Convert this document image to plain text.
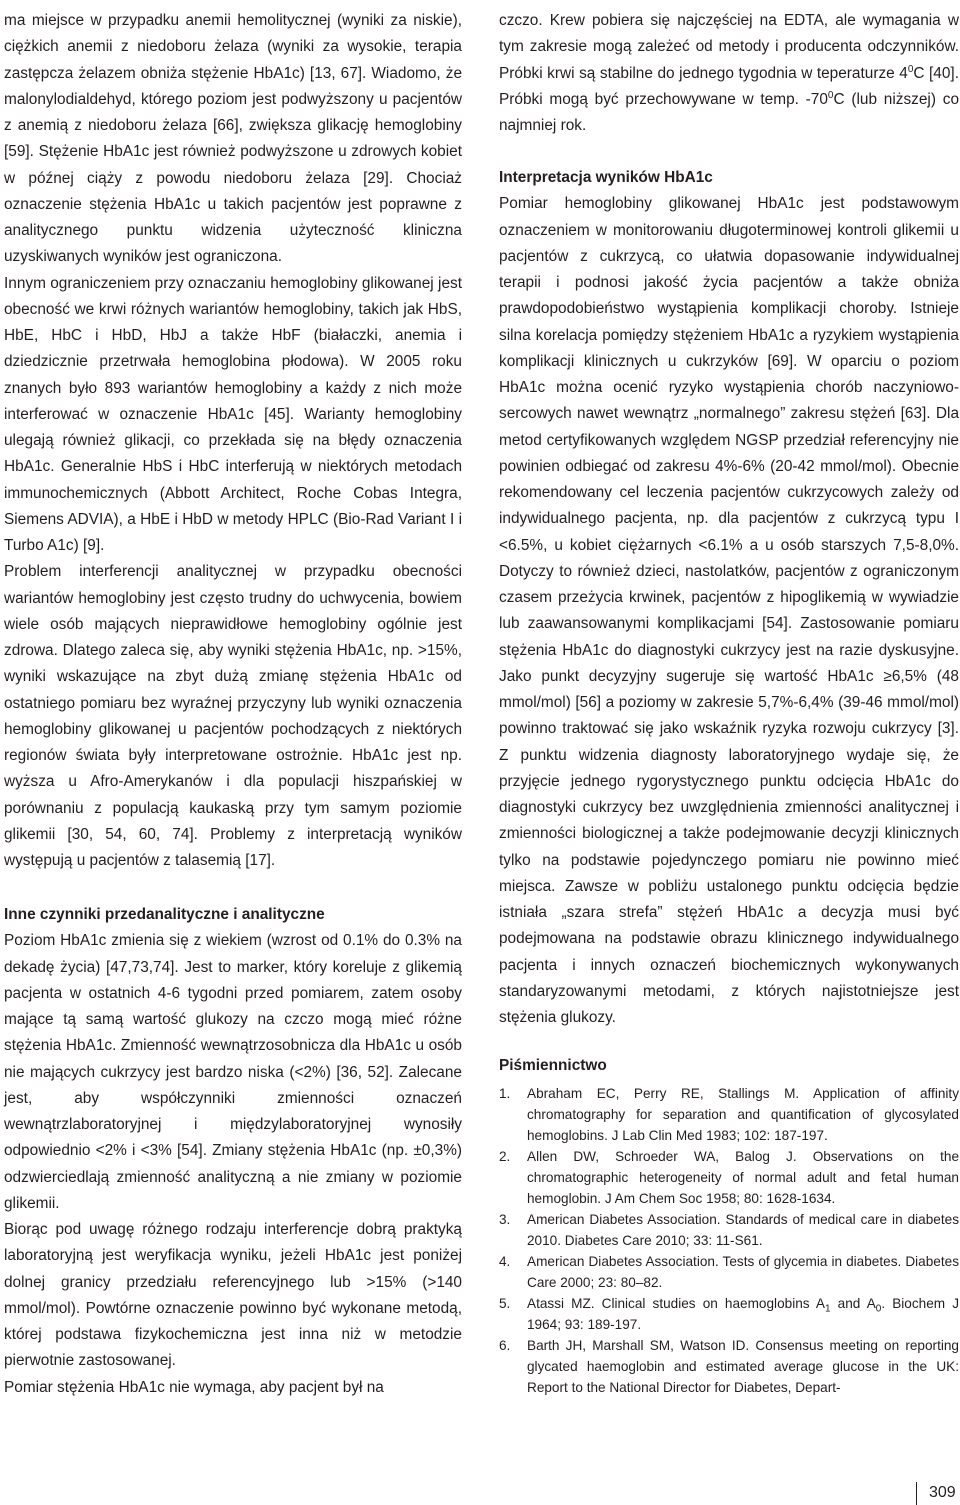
ma miejsce w przypadku anemii hemolitycznej (wyniki za niskie), ciężkich anemii z niedoboru żelaza (wyniki za wysokie, terapia zastępcza żelazem obniża stężenie HbA1c) [13, 67]. Wiadomo, że malonylodialdehyd, którego poziom jest podwyższony u pacjentów z anemią z niedoboru żelaza [66], zwiększa glikację hemoglobiny [59]. Stężenie HbA1c jest również podwyższone u zdrowych kobiet w późnej ciąży z powodu niedoboru żelaza [29]. Chociaż oznaczenie stężenia HbA1c u takich pacjentów jest poprawne z analitycznego punktu widzenia użyteczność kliniczna uzyskiwanych wyników jest ograniczona.

Innym ograniczeniem przy oznaczaniu hemoglobiny glikowanej jest obecność we krwi różnych wariantów hemoglobiny, takich jak HbS, HbE, HbC i HbD, HbJ a także HbF (białaczki, anemia i dziedzicznie przetrwała hemoglobina płodowa). W 2005 roku znanych było 893 wariantów hemoglobiny a każdy z nich może interferować w oznaczenie HbA1c [45]. Warianty hemoglobiny ulegają również glikacji, co przekłada się na błędy oznaczenia HbA1c. Generalnie HbS i HbC interferują w niektórych metodach immunochemicznych (Abbott Architect, Roche Cobas Integra, Siemens ADVIA), a HbE i HbD w metody HPLC (Bio-Rad Variant I i Turbo A1c) [9].

Problem interferencji analitycznej w przypadku obecności wariantów hemoglobiny jest często trudny do uchwycenia, bowiem wiele osób mających nieprawidłowe hemoglobiny ogólnie jest zdrowa. Dlatego zaleca się, aby wyniki stężenia HbA1c, np. >15%, wyniki wskazujące na zbyt dużą zmianę stężenia HbA1c od ostatniego pomiaru bez wyraźnej przyczyny lub wyniki oznaczenia hemoglobiny glikowanej u pacjentów pochodzących z niektórych regionów świata były interpretowane ostrożnie. HbA1c jest np. wyższa u Afro-Amerykanów i dla populacji hiszpańskiej w porównaniu z populacją kaukaską przy tym samym poziomie glikemii [30, 54, 60, 74]. Problemy z interpretacją wyników występują u pacjentów z talasemią [17].

Inne czynniki przedanalityczne i analityczne

Poziom HbA1c zmienia się z wiekiem (wzrost od 0.1% do 0.3% na dekadę życia) [47,73,74]. Jest to marker, który koreluje z glikemią pacjenta w ostatnich 4-6 tygodni przed pomiarem, zatem osoby mające tą samą wartość glukozy na czczo mogą mieć różne stężenia HbA1c. Zmienność wewnątrzosobnicza dla HbA1c u osób nie mających cukrzycy jest bardzo niska (<2%) [36, 52]. Zalecane jest, aby współczynniki zmienności oznaczeń wewnątrzlaboratoryjnej i międzylaboratoryjnej wynosiły odpowiednio <2% i <3% [54]. Zmiany stężenia HbA1c (np. ±0,3%) odzwierciedlają zmienność analityczną a nie zmiany w poziomie glikemii.

Biorąc pod uwagę różnego rodzaju interferencje dobrą praktyką laboratoryjną jest weryfikacja wyniku, jeżeli HbA1c jest poniżej dolnej granicy przedziału referencyjnego lub >15% (>140 mmol/mol). Powtórne oznaczenie powinno być wykonane metodą, której podstawa fizykochemiczna jest inna niż w metodzie pierwotnie zastosowanej.

Pomiar stężenia HbA1c nie wymaga, aby pacjent był na

czczo. Krew pobiera się najczęściej na EDTA, ale wymagania w tym zakresie mogą zależeć od metody i producenta odczynników. Próbki krwi są stabilne do jednego tygodnia w teperaturze $4^0C$ [40]. Próbki mogą być przechowywane w temp. $-70^0C$ (lub niższej) co najmniej rok.

Interpretacja wyników HbA1c

Pomiar hemoglobiny glikowanej HbA1c jest podstawowym oznaczeniem w monitorowaniu długoterminowej kontroli glikemii u pacjentów z cukrzycą, co ułatwia dopasowanie indywidualnej terapii i podnosi jakość życia pacjentów a także obniża prawdopodobieństwo wystąpienia komplikacji choroby. Istnieje silna korelacja pomiędzy stężeniem HbA1c a ryzykiem wystąpienia komplikacji klinicznych u cukrzyków [69]. W oparciu o poziom HbA1c można ocenić ryzyko wystąpienia chorób naczyniowo-sercowych nawet wewnątrz „normalnego” zakresu stężeń [63]. Dla metod certyfikowanych względem NGSP przedział referencyjny nie powinien odbiegać od zakresu 4%-6% (20-42 mmol/mol). Obecnie rekomendowany cel leczenia pacjentów cukrzycowych zależy od indywidualnego pacjenta, np. dla pacjentów z cukrzycą typu I <6.5%, u kobiet ciężarnych <6.1% a u osób starszych 7,5-8,0%. Dotyczy to również dzieci, nastolatków, pacjentów z ograniczonym czasem przeżycia krwinek, pacjentów z hipoglikemią w wywiadzie lub zaawansowanymi komplikacjami [54]. Zastosowanie pomiaru stężenia HbA1c do diagnostyki cukrzycy jest na razie dyskusyjne. Jako punkt decyzyjny sugeruje się wartość HbA1c ≥6,5% (48 mmol/mol) [56] a poziomy w zakresie 5,7%-6,4% (39-46 mmol/mol) powinno traktować się jako wskaźnik ryzyka rozwoju cukrzycy [3]. Z punktu widzenia diagnosty laboratoryjnego wydaje się, że przyjęcie jednego rygorystycznego punktu odcięcia HbA1c do diagnostyki cukrzycy bez uwzględnienia zmienności analitycznej i zmienności biologicznej a także podejmowanie decyzji klinicznych tylko na podstawie pojedynczego pomiaru nie powinno mieć miejsca. Zawsze w pobliżu ustalonego punktu odcięcia będzie istniała „szara strefa” stężeń HbA1c a decyzja musi być podejmowana na podstawie obrazu klinicznego indywidualnego pacjenta i innych oznaczeń biochemicznych wykonywanych standaryzowanymi metodami, z których najistotniejsze jest stężenia glukozy.

Piśmiennictwo
1. Abraham EC, Perry RE, Stallings M. Application of affinity chromatography for separation and quantification of glycosylated hemoglobins. J Lab Clin Med 1983; 102: 187-197.
2. Allen DW, Schroeder WA, Balog J. Observations on the chromatographic heterogeneity of normal adult and fetal human hemoglobin. J Am Chem Soc 1958; 80: 1628-1634.
3. American Diabetes Association. Standards of medical care in diabetes 2010. Diabetes Care 2010; 33: 11-S61.
4. American Diabetes Association. Tests of glycemia in diabetes. Diabetes Care 2000; 23: 80–82.
5. Atassi MZ. Clinical studies on haemoglobins $A_1$ and $A_0$. Biochem J 1964; 93: 189-197.
6. Barth JH, Marshall SM, Watson ID. Consensus meeting on reporting glycated haemoglobin and estimated average glucose in the UK: Report to the National Director for Diabetes, Depart-
309
